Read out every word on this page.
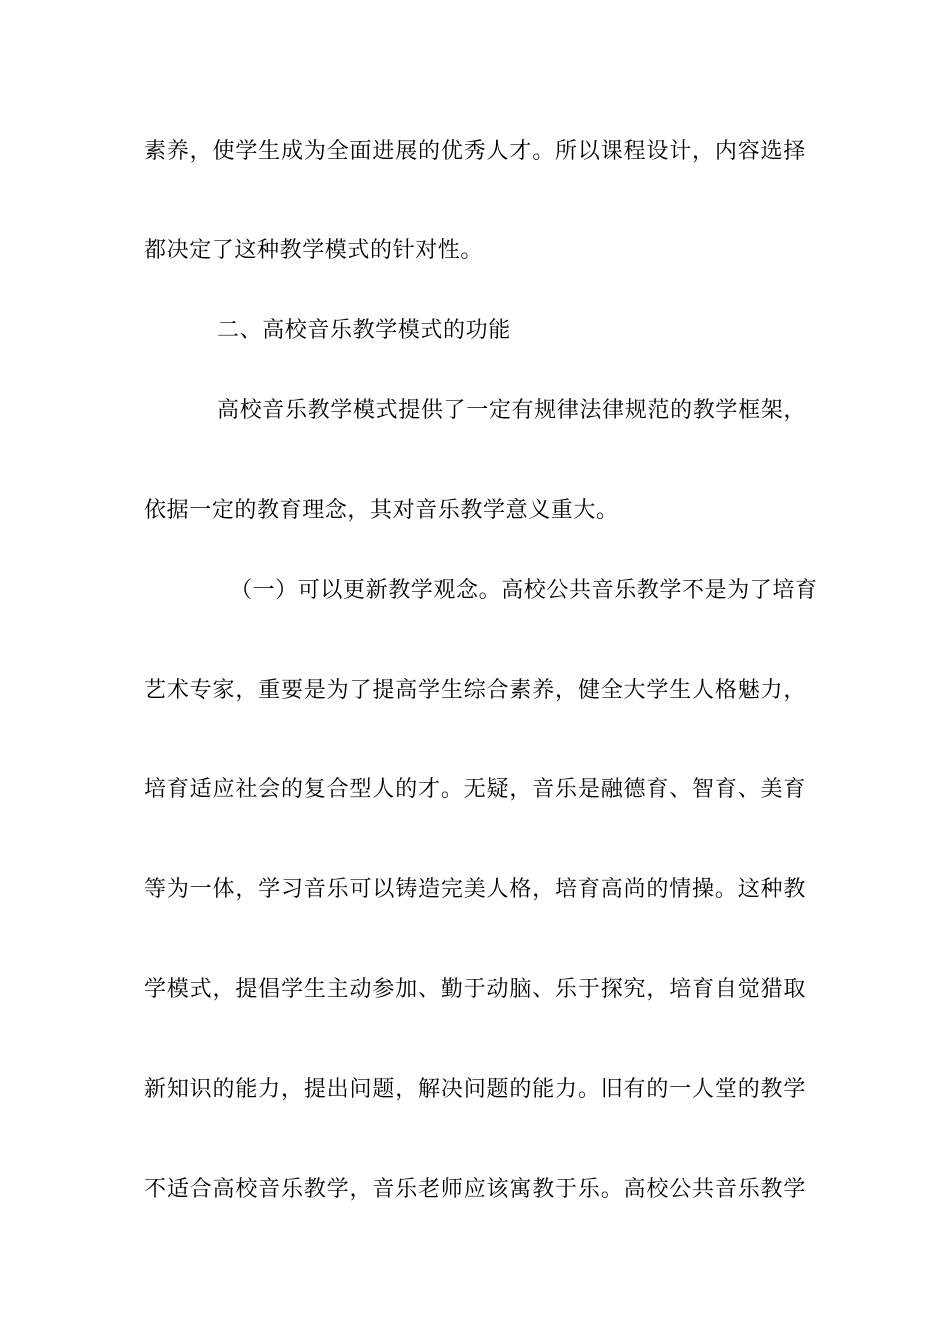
素养，使学生成为全面进展的优秀人才。所以课程设计，内容选择
都决定了这种教学模式的针对性。
二、高校音乐教学模式的功能
高校音乐教学模式提供了一定有规律法律规范的教学框架，
依据一定的教育理念，其对音乐教学意义重大。
（一）可以更新教学观念。高校公共音乐教学不是为了培育
艺术专家，重要是为了提高学生综合素养，健全大学生人格魅力，
培育适应社会的复合型人的才。无疑，音乐是融德育、智育、美育
等为一体，学习音乐可以铸造完美人格，培育高尚的情操。这种教
学模式，提倡学生主动参加、勤于动脑、乐于探究，培育自觉猎取
新知识的能力，提出问题，解决问题的能力。旧有的一人堂的教学
不适合高校音乐教学，音乐老师应该寓教于乐。高校公共音乐教学
